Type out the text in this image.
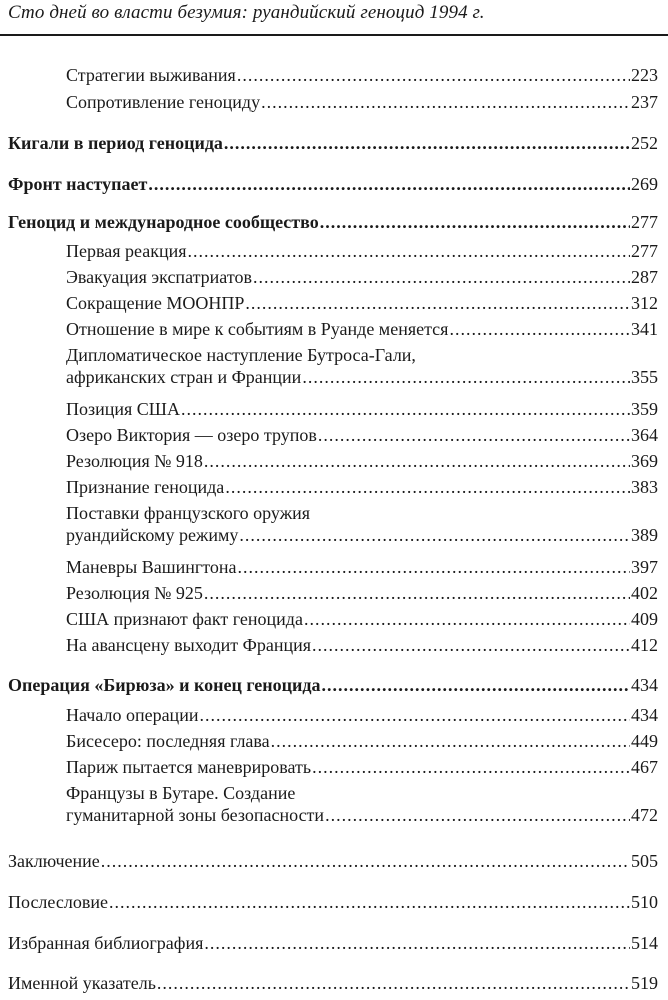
Сто дней во власти безумия: руандийский геноцид 1994 г.
Стратегии выживания .....	223
Сопротивление геноциду .....	237
Кигали в период геноцида .....	252
Фронт наступает .....	269
Геноцид и международное сообщество .....	277
Первая реакция .....	277
Эвакуация экспатриатов .....	287
Сокращение МООНПР .....	312
Отношение в мире к событиям в Руанде меняется .....	341
Дипломатическое наступление Бутроса-Гали,
африканских стран и Франции .....	355
Позиция США .....	359
Озеро Виктория — озеро трупов .....	364
Резолюция № 918 .....	369
Признание геноцида .....	383
Поставки французского оружия
руандийскому режиму .....	389
Маневры Вашингтона .....	397
Резолюция № 925 .....	402
США признают факт геноцида .....	409
На авансцену выходит Франция .....	412
Операция «Бирюза» и конец геноцида .....	434
Начало операции .....	434
Бисесеро: последняя глава .....	449
Париж пытается маневрировать .....	467
Французы в Бутаре. Создание
гуманитарной зоны безопасности .....	472
Заключение .....	505
Послесловие .....	510
Избранная библиография .....	514
Именной указатель .....	519
